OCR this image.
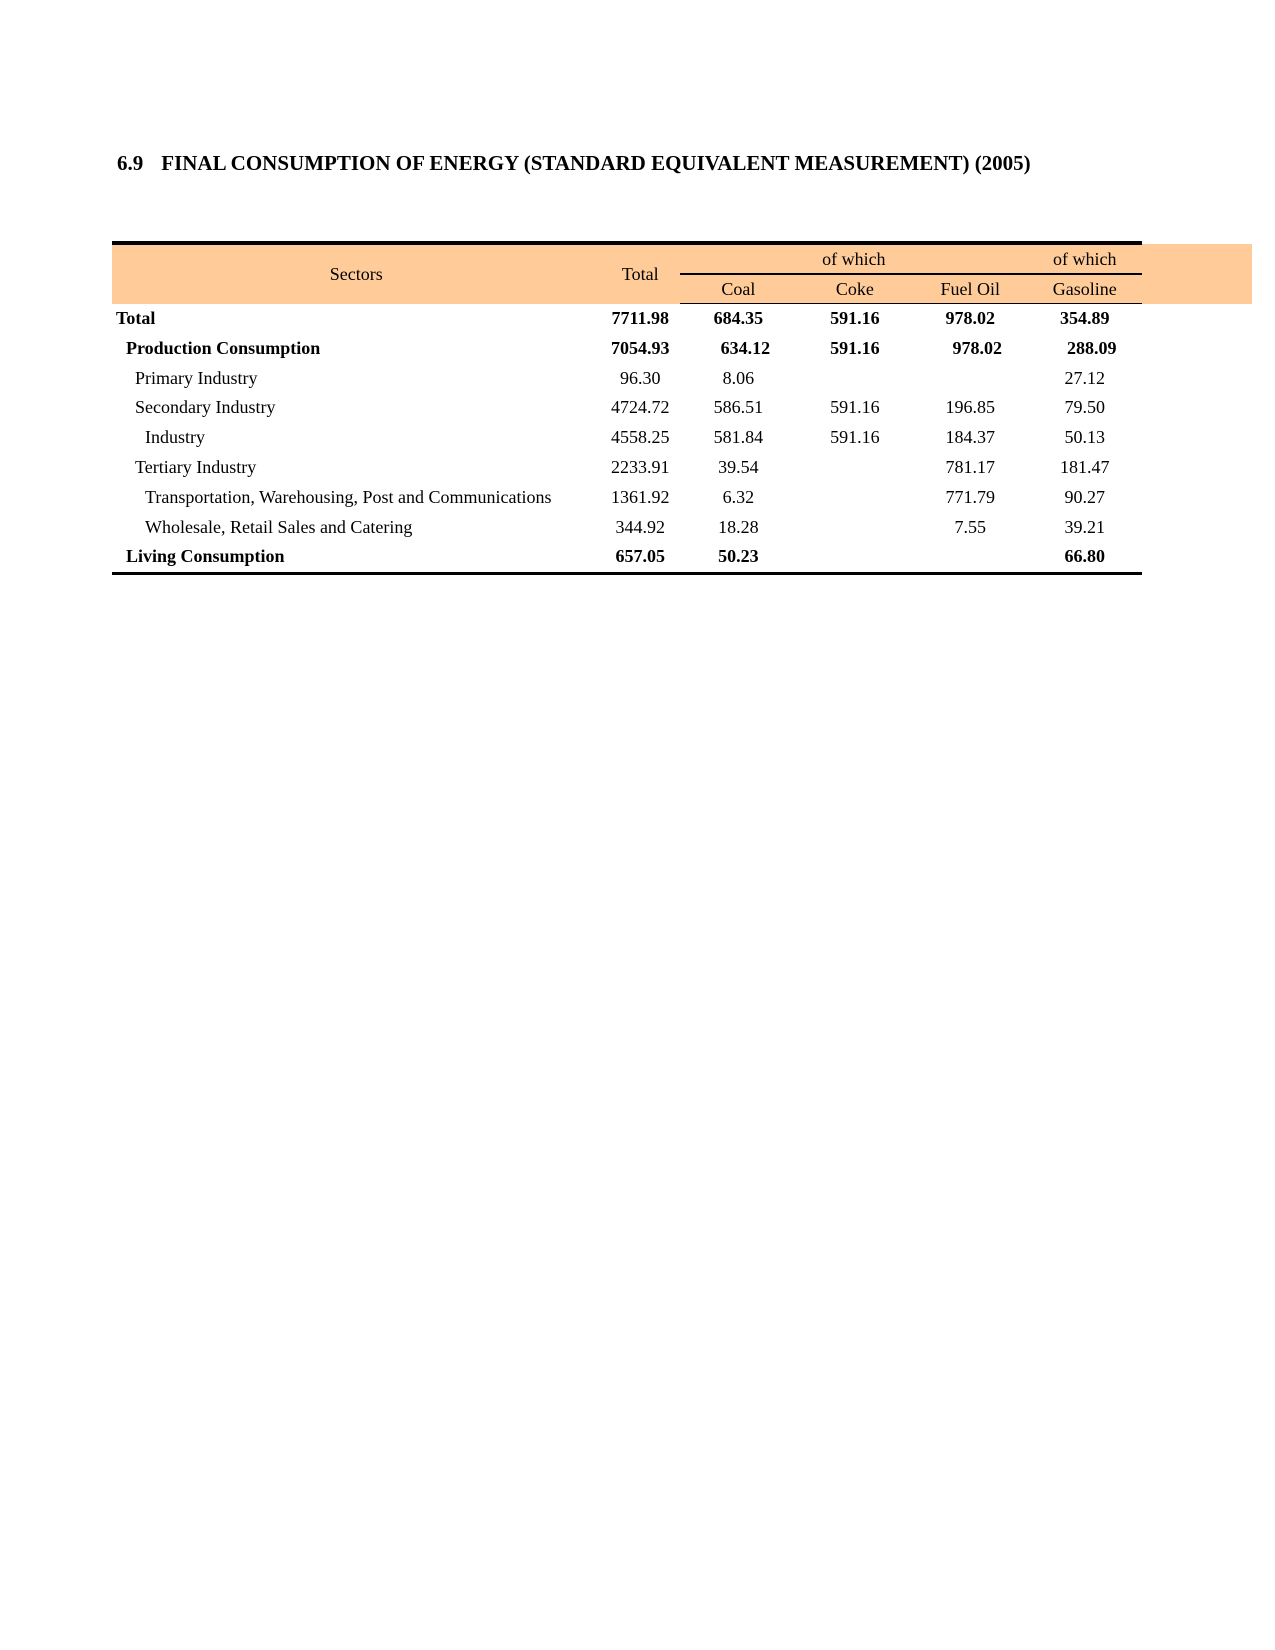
6.9 FINAL CONSUMPTION OF ENERGY (STANDARD EQUIVALENT MEASUREMENT) (2005)
Sectors	Total	of which			of which
		Coal	Coke	Fuel Oil	Gasoline
Total	7711.98	684.35	591.16	978.02	354.89
Production Consumption	7054.93	634.12	591.16	978.02	288.09
Primary Industry	96.30	8.06			27.12
Secondary Industry	4724.72	586.51	591.16	196.85	79.50
Industry	4558.25	581.84	591.16	184.37	50.13
Tertiary Industry	2233.91	39.54		781.17	181.47
Transportation, Warehousing, Post and Communications	1361.92	6.32		771.79	90.27
Wholesale, Retail Sales and Catering	344.92	18.28		7.55	39.21
Living Consumption	657.05	50.23			66.80
